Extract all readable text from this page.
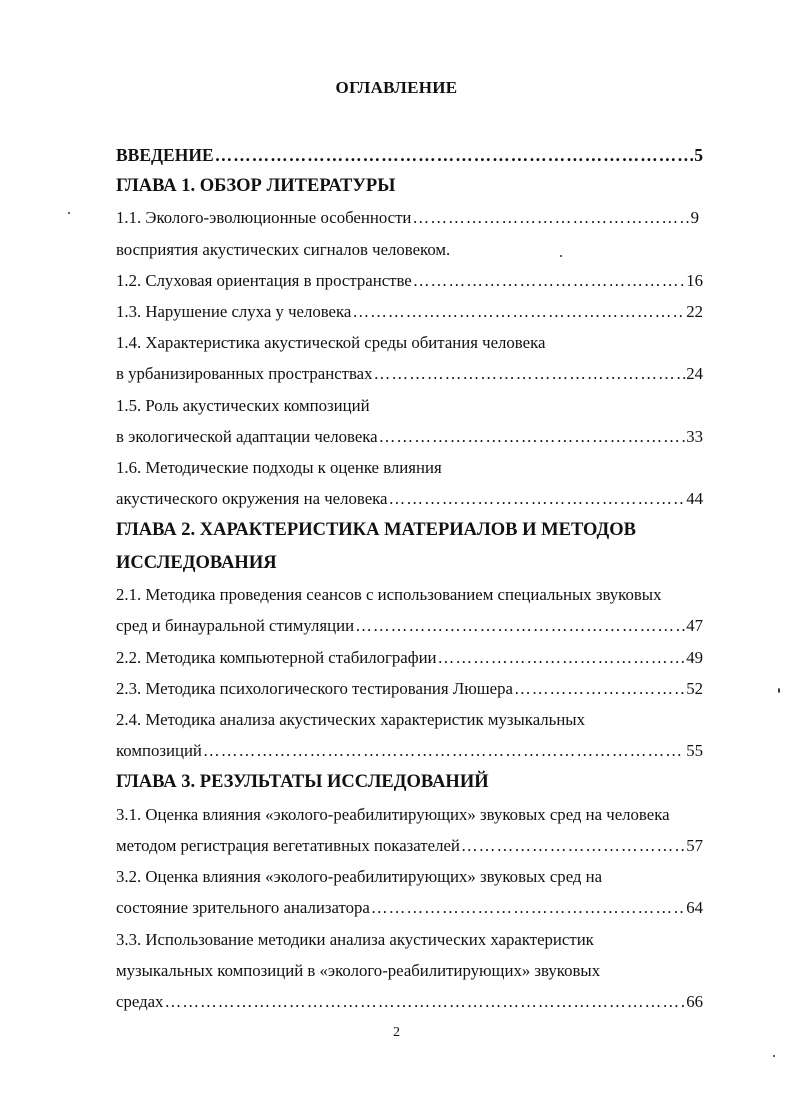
ОГЛАВЛЕНИЕ
ВВЕДЕНИЕ ……………………………………………………………………………………………………………………………………	5
ГЛАВА 1. ОБЗОР ЛИТЕРАТУРЫ
1.1. Эколого-эволюционные особенности ……………………………………………………………………………………………………………………………………	9
восприятия акустических сигналов человеком.
1.2. Слуховая ориентация в пространстве ……………………………………………………………………………………………………………………………………	16
1.3. Нарушение слуха у человека ……………………………………………………………………………………………………………………………………	22
1.4. Характеристика акустической среды обитания человека
в урбанизированных пространствах ……………………………………………………………………………………………………………………………………	24
1.5. Роль акустических композиций
в экологической адаптации человека ……………………………………………………………………………………………………………………………………	33
1.6. Методические подходы к оценке влияния
акустического окружения на человека ……………………………………………………………………………………………………………………………………	44
ГЛАВА 2. ХАРАКТЕРИСТИКА МАТЕРИАЛОВ И МЕТОДОВ
ИССЛЕДОВАНИЯ
2.1. Методика проведения сеансов с использованием специальных звуковых
сред и бинауральной стимуляции ……………………………………………………………………………………………………………………………………	47
2.2. Методика компьютерной стабилографии ……………………………………………………………………………………………………………………………………	49
2.3. Методика психологического тестирования Люшера ……………………………………………………………………………………………………………………………………	52
2.4. Методика анализа акустических характеристик музыкальных
композиций ……………………………………………………………………………………………………………………………………	55
ГЛАВА 3. РЕЗУЛЬТАТЫ ИССЛЕДОВАНИЙ
3.1. Оценка влияния «эколого-реабилитирующих» звуковых сред на человека
методом регистрация вегетативных показателей ……………………………………………………………………………………………………………………………………	57
3.2. Оценка влияния «эколого-реабилитирующих» звуковых сред на
состояние зрительного анализатора ……………………………………………………………………………………………………………………………………	64
3.3. Использование методики анализа акустических характеристик
музыкальных композиций в «эколого-реабилитирующих» звуковых
средах ……………………………………………………………………………………………………………………………………	66
2
